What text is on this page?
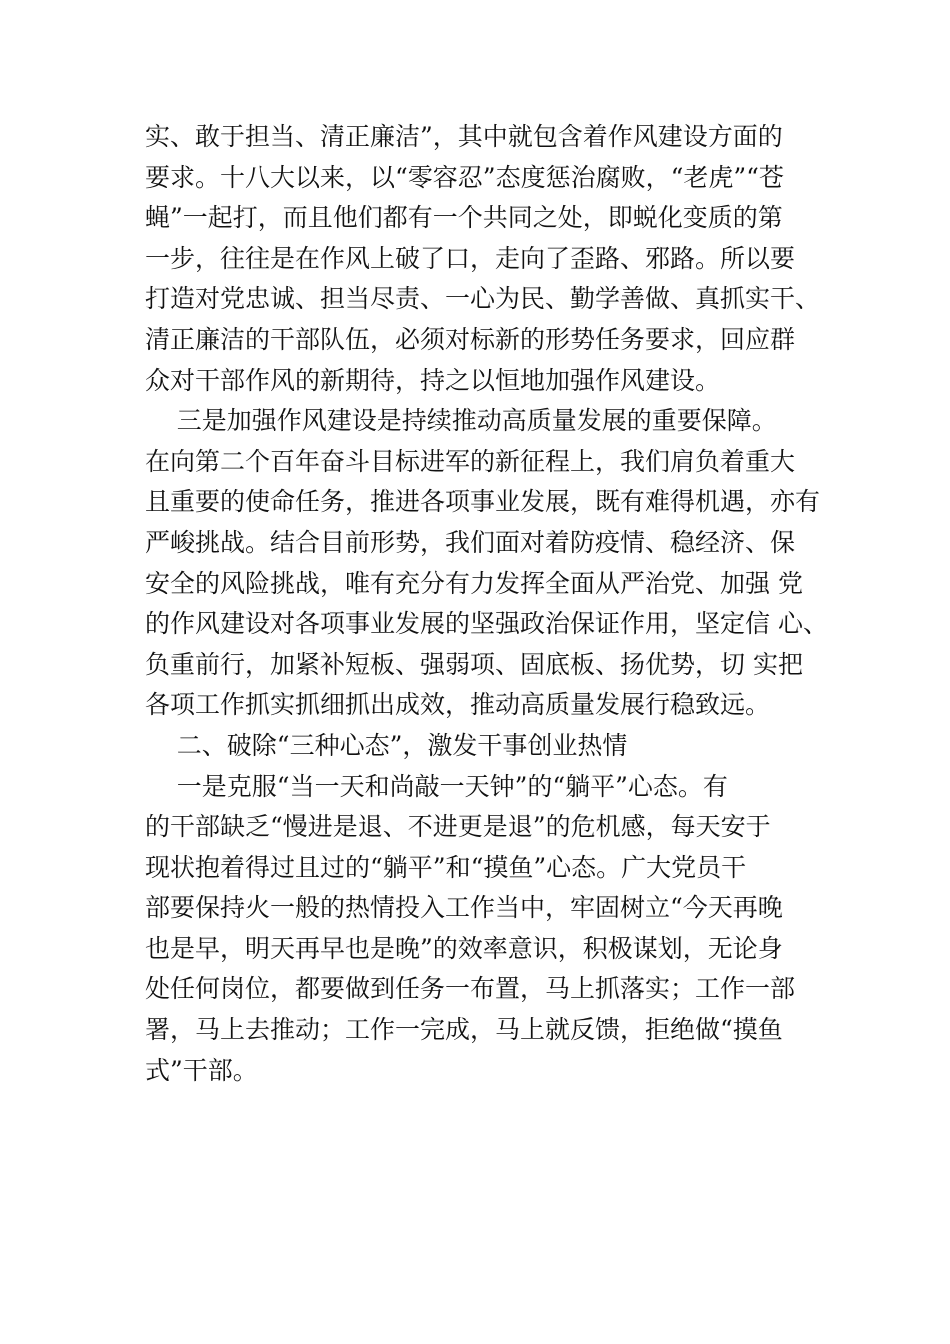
实、敢于担当、清正廉洁”，其中就包含着作风建设方面的
要求。十八大以来，以“零容忍”态度惩治腐败，“老虎”“苍
蝇”一起打，而且他们都有一个共同之处，即蜕化变质的第
一步，往往是在作风上破了口，走向了歪路、邪路。所以要
打造对党忠诚、担当尽责、一心为民、勤学善做、真抓实干、
清正廉洁的干部队伍，必须对标新的形势任务要求，回应群
众对干部作风的新期待，持之以恒地加强作风建设。
三是加强作风建设是持续推动高质量发展的重要保障。
在向第二个百年奋斗目标进军的新征程上，我们肩负着重大
且重要的使命任务，推进各项事业发展，既有难得机遇，亦有
严峻挑战。结合目前形势，我们面对着防疫情、稳经济、保
安全的风险挑战，唯有充分有力发挥全面从严治党、加强 党
的作风建设对各项事业发展的坚强政治保证作用，坚定信 心、
负重前行，加紧补短板、强弱项、固底板、扬优势，切 实把
各项工作抓实抓细抓出成效，推动高质量发展行稳致远。
二、破除“三种心态”，激发干事创业热情
一是克服“当一天和尚敲一天钟”的“躺平”心态。有
的干部缺乏“慢进是退、不进更是退”的危机感，每天安于
现状抱着得过且过的“躺平”和“摸鱼”心态。广大党员干
部要保持火一般的热情投入工作当中，牢固树立“今天再晚
也是早，明天再早也是晚”的效率意识，积极谋划，无论身
处任何岗位，都要做到任务一布置，马上抓落实；工作一部
署，马上去推动；工作一完成，马上就反馈，拒绝做“摸鱼
式”干部。
